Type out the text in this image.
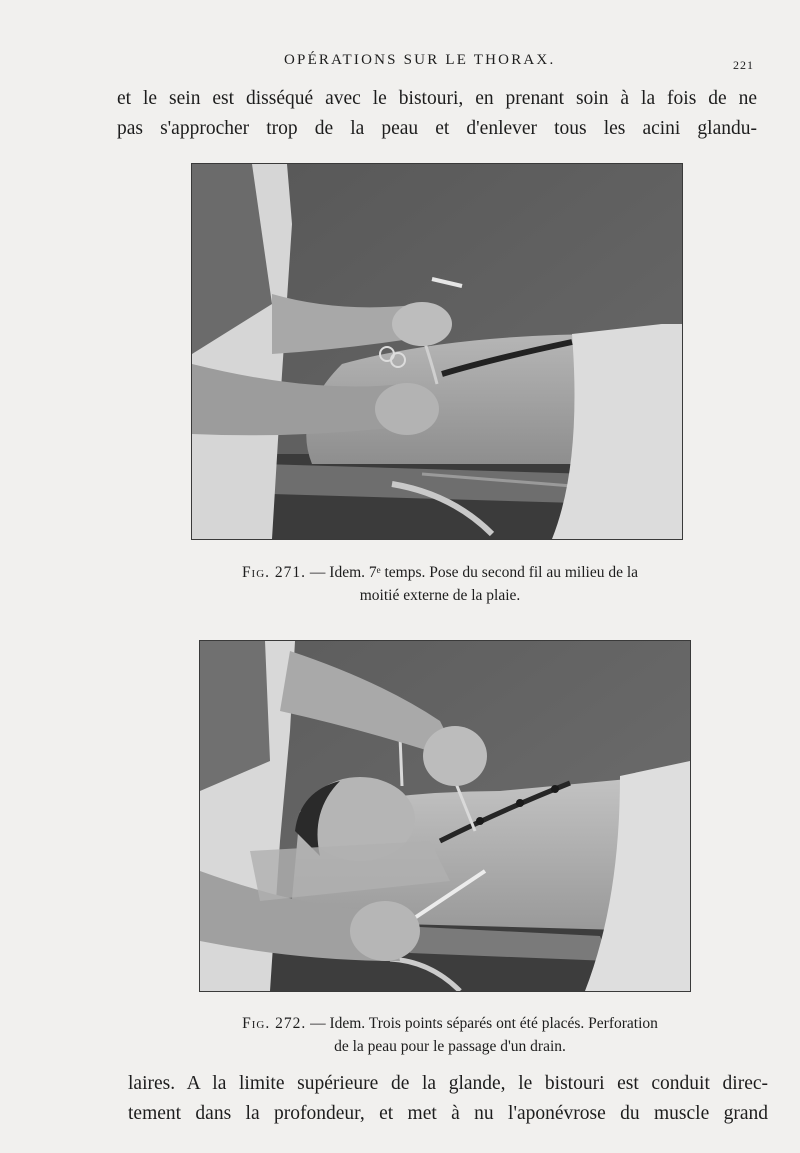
OPÉRATIONS SUR LE THORAX.	221
et le sein est disséqué avec le bistouri, en prenant soin à la fois de ne
pas s'approcher trop de la peau et d'enlever tous les acini glandu-
Fig. 271. — Idem. 7ᵉ temps. Pose du second fil au milieu de la
moitié externe de la plaie.
Fig. 272. — Idem. Trois points séparés ont été placés. Perforation
de la peau pour le passage d'un drain.
laires. A la limite supérieure de la glande, le bistouri est conduit direc-
tement dans la profondeur, et met à nu l'aponévrose du muscle grand
